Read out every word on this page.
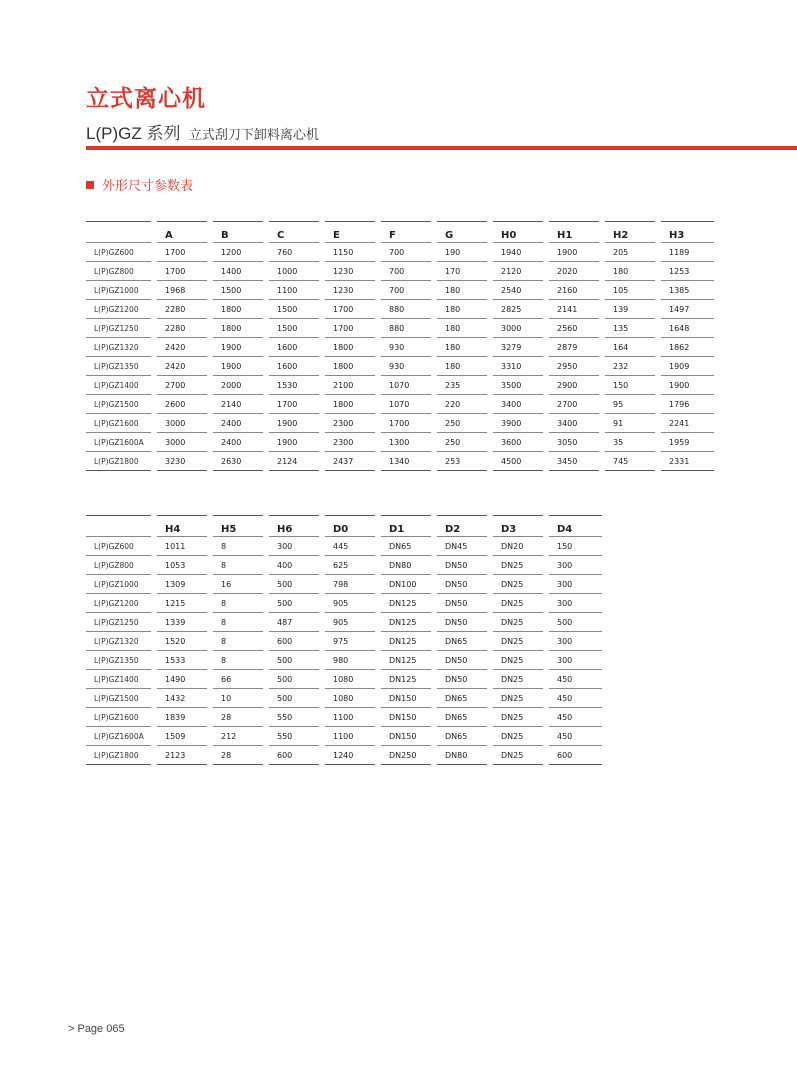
立式离心机
L(P)GZ 系列 立式刮刀下卸料离心机
外形尺寸参数表
	A	B	C	E	F	G	H0	H1	H2	H3
L(P)GZ600	1700	1200	760	1150	700	190	1940	1900	205	1189
L(P)GZ800	1700	1400	1000	1230	700	170	2120	2020	180	1253
L(P)GZ1000	1968	1500	1100	1230	700	180	2540	2160	105	1385
L(P)GZ1200	2280	1800	1500	1700	880	180	2825	2141	139	1497
L(P)GZ1250	2280	1800	1500	1700	880	180	3000	2560	135	1648
L(P)GZ1320	2420	1900	1600	1800	930	180	3279	2879	164	1862
L(P)GZ1350	2420	1900	1600	1800	930	180	3310	2950	232	1909
L(P)GZ1400	2700	2000	1530	2100	1070	235	3500	2900	150	1900
L(P)GZ1500	2600	2140	1700	1800	1070	220	3400	2700	95	1796
L(P)GZ1600	3000	2400	1900	2300	1700	250	3900	3400	91	2241
L(P)GZ1600A	3000	2400	1900	2300	1300	250	3600	3050	35	1959
L(P)GZ1800	3230	2630	2124	2437	1340	253	4500	3450	745	2331
	H4	H5	H6	D0	D1	D2	D3	D4
L(P)GZ600	1011	8	300	445	DN65	DN45	DN20	150
L(P)GZ800	1053	8	400	625	DN80	DN50	DN25	300
L(P)GZ1000	1309	16	500	798	DN100	DN50	DN25	300
L(P)GZ1200	1215	8	500	905	DN125	DN50	DN25	300
L(P)GZ1250	1339	8	487	905	DN125	DN50	DN25	500
L(P)GZ1320	1520	8	600	975	DN125	DN65	DN25	300
L(P)GZ1350	1533	8	500	980	DN125	DN50	DN25	300
L(P)GZ1400	1490	66	500	1080	DN125	DN50	DN25	450
L(P)GZ1500	1432	10	500	1080	DN150	DN65	DN25	450
L(P)GZ1600	1839	28	550	1100	DN150	DN65	DN25	450
L(P)GZ1600A	1509	212	550	1100	DN150	DN65	DN25	450
L(P)GZ1800	2123	28	600	1240	DN250	DN80	DN25	600
> Page 065
